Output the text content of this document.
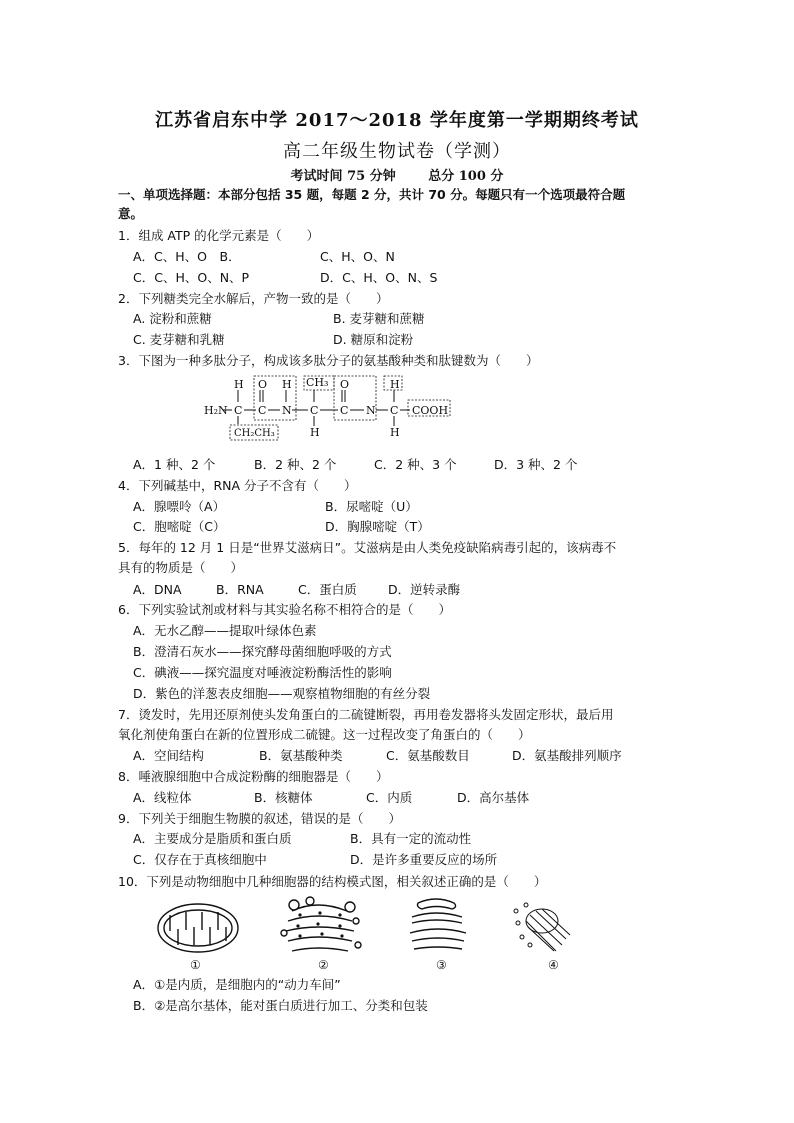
江苏省启东中学 2017～2018 学年度第一学期期终考试
高二年级生物试卷（学测）
考试时间 75 分钟	总分 100 分
一、单项选择题：本部分包括 35 题，每题 2 分，共计 70 分。每题只有一个选项最符合题
意。
1．组成 ATP 的化学元素是（　　）
A．C、H、O　B．	C、H、O、N
C．C、H、O、N、P	D．C、H、O、N、S
2．下列糖类完全水解后，产物一致的是（　　）
A. 淀粉和蔗糖	B. 麦芽糖和蔗糖
C. 麦芽糖和乳糖	D. 糖原和淀粉
3．下图为一种多肽分子，构成该多肽分子的氨基酸种类和肽键数为（　　）
H₂N
H
C
O
C
H
N
CH₃
C
H
O
C N
H
C
H
COOH
CH₂CH₃
A．1 种、2 个	B．2 种、2 个	C．2 种、3 个	D．3 种、2 个
4．下列碱基中，RNA 分子不含有（　　）
A．腺嘌呤（A）	B．尿嘧啶（U）
C．胞嘧啶（C）	D．胸腺嘧啶（T）
5．每年的 12 月 1 日是“世界艾滋病日”。艾滋病是由人类免疫缺陷病毒引起的，该病毒不
具有的物质是（　　）
A．DNA	B．RNA	C．蛋白质	D．逆转录酶
6．下列实验试剂或材料与其实验名称不相符合的是（　　）
A．无水乙醇——提取叶绿体色素
B．澄清石灰水——探究酵母菌细胞呼吸的方式
C．碘液——探究温度对唾液淀粉酶活性的影响
D．紫色的洋葱表皮细胞——观察植物细胞的有丝分裂
7．烫发时，先用还原剂使头发角蛋白的二硫键断裂，再用卷发器将头发固定形状，最后用
氧化剂使角蛋白在新的位置形成二硫键。这一过程改变了角蛋白的（　　）
A．空间结构	B．氨基酸种类	C．氨基酸数目	D．氨基酸排列顺序
8．唾液腺细胞中合成淀粉酶的细胞器是（　　）
A．线粒体	B．核糖体	C．内质	D．高尔基体
9．下列关于细胞生物膜的叙述，错误的是（　　）
A．主要成分是脂质和蛋白质	B．具有一定的流动性
C．仅存在于真核细胞中	D．是许多重要反应的场所
10．下列是动物细胞中几种细胞器的结构模式图，相关叙述正确的是（　　）
①	②	③	④
A．①是内质，是细胞内的“动力车间”
B．②是高尔基体，能对蛋白质进行加工、分类和包装
